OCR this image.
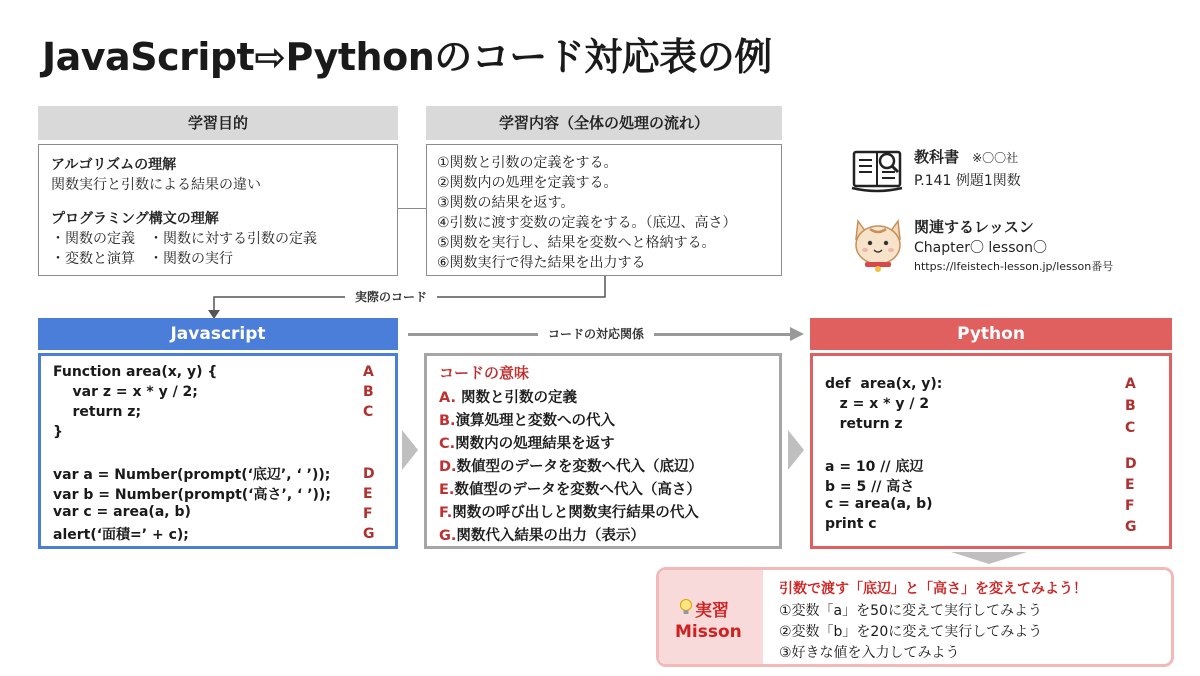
JavaScript⇨Pythonのコード対応表の例
学習目的
アルゴリズムの理解
関数実行と引数による結果の違い
プログラミング構文の理解
・関数の定義　・関数に対する引数の定義
・変数と演算　・関数の実行
学習内容（全体の処理の流れ）
①関数と引数の定義をする。
②関数内の処理を定義する。
③関数の結果を返す。
④引数に渡す変数の定義をする。（底辺、高さ）
⑤関数を実行し、結果を変数へと格納する。
⑥関数実行で得た結果を出力する
実際のコード
教科書 ※〇〇社
P.141 例題1関数
関連するレッスン
Chapter〇 lesson〇
https://lfeistech-lesson.jp/lesson番号
Javascript	コードの対応関係	Python
Function area(x, y) {	A
var z = x * y / 2;	B
return z;	C
}
var a = Number(prompt(‘底辺’, ‘ ’)); D
var b = Number(prompt(‘高さ’, ‘ ’)); E
var c = area(a, b)	F
alert(‘面積=’ + c);	G
コードの意味
A. 関数と引数の定義
B.演算処理と変数への代入
C.関数内の処理結果を返す
D.数値型のデータを変数へ代入（底辺）
E.数値型のデータを変数へ代入（高さ）
F.関数の呼び出しと関数実行結果の代入
G.関数代入結果の出力（表示）
def  area(x, y):	A
z = x * y / 2	B
return z	C
a = 10 // 底辺	D
b = 5 // 高さ	E
c = area(a, b)	F
print c	G
実習
Misson
引数で渡す「底辺」と「高さ」を変えてみよう！
①変数「a」を50に変えて実行してみよう
②変数「b」を20に変えて実行してみよう
③好きな値を入力してみよう
